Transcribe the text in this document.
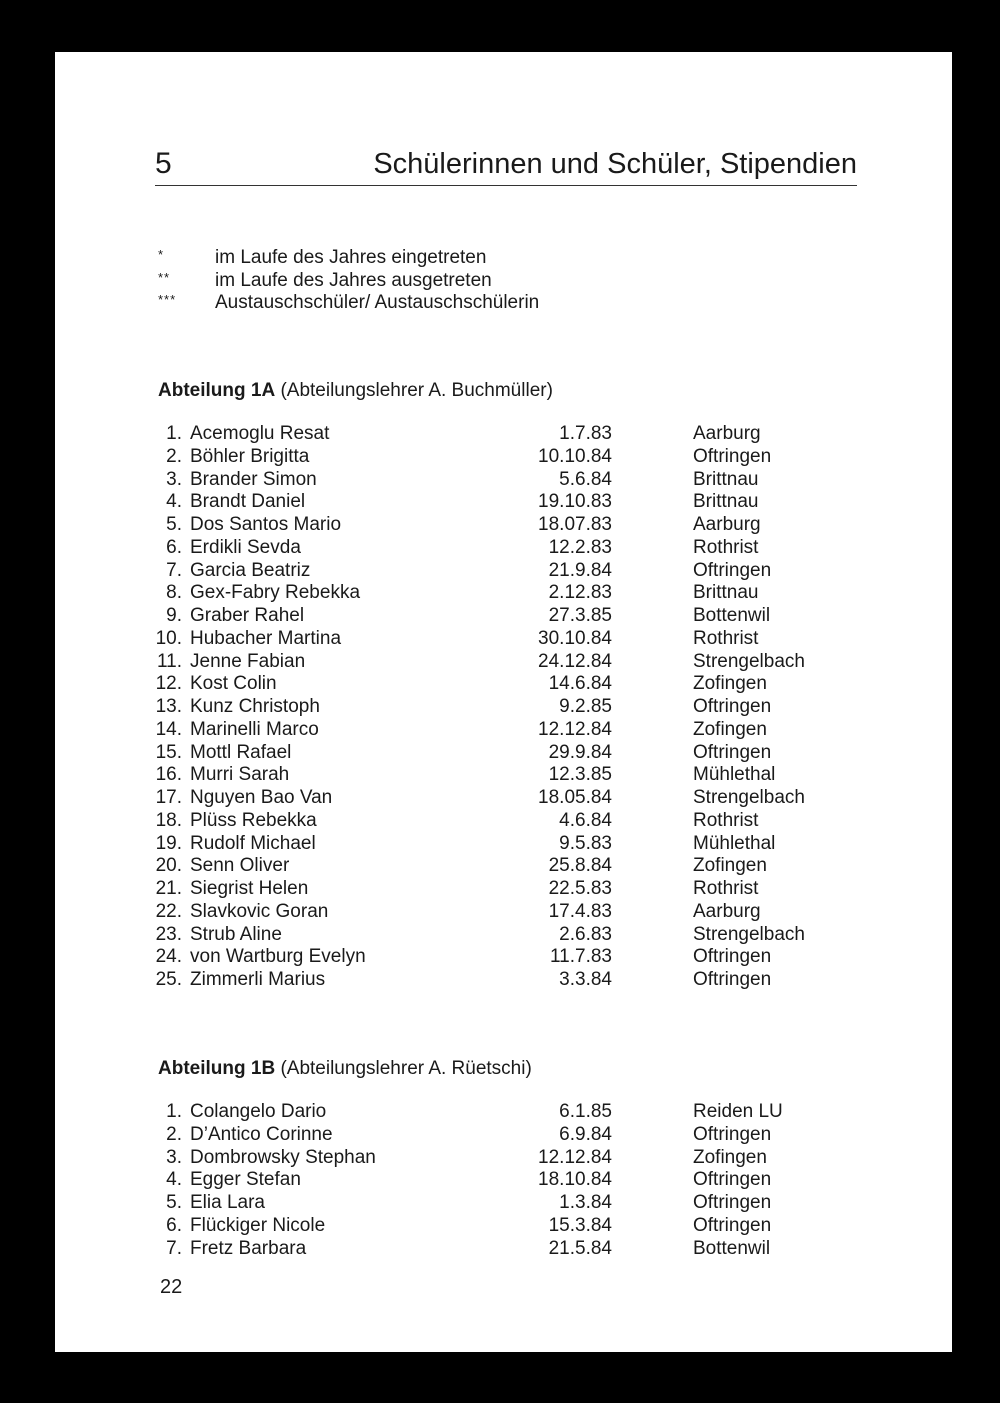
5	Schülerinnen und Schüler, Stipendien
*	im Laufe des Jahres eingetreten
** im Laufe des Jahres ausgetreten
*** Austauschschüler/ Austauschschülerin
Abteilung 1A (Abteilungslehrer A. Buchmüller)
1. Acemoglu Resat	1.7.83	Aarburg
2. Böhler Brigitta	10.10.84	Oftringen
3. Brander Simon	5.6.84	Brittnau
4. Brandt Daniel	19.10.83	Brittnau
5. Dos Santos Mario	18.07.83	Aarburg
6. Erdikli Sevda	12.2.83	Rothrist
7. Garcia Beatriz	21.9.84	Oftringen
8. Gex-Fabry Rebekka	2.12.83	Brittnau
9. Graber Rahel	27.3.85	Bottenwil
10. Hubacher Martina	30.10.84	Rothrist
11. Jenne Fabian	24.12.84	Strengelbach
12. Kost Colin	14.6.84	Zofingen
13. Kunz Christoph	9.2.85	Oftringen
14. Marinelli Marco	12.12.84	Zofingen
15. Mottl Rafael	29.9.84	Oftringen
16. Murri Sarah	12.3.85	Mühlethal
17. Nguyen Bao Van	18.05.84	Strengelbach
18. Plüss Rebekka	4.6.84	Rothrist
19. Rudolf Michael	9.5.83	Mühlethal
20. Senn Oliver	25.8.84	Zofingen
21. Siegrist Helen	22.5.83	Rothrist
22. Slavkovic Goran	17.4.83	Aarburg
23. Strub Aline	2.6.83	Strengelbach
24. von Wartburg Evelyn	11.7.83	Oftringen
25. Zimmerli Marius	3.3.84	Oftringen
Abteilung 1B (Abteilungslehrer A. Rüetschi)
1. Colangelo Dario	6.1.85	Reiden LU
2. D’Antico Corinne	6.9.84	Oftringen
3. Dombrowsky Stephan	12.12.84	Zofingen
4. Egger Stefan	18.10.84	Oftringen
5. Elia Lara	1.3.84	Oftringen
6. Flückiger Nicole	15.3.84	Oftringen
7. Fretz Barbara	21.5.84	Bottenwil
22
